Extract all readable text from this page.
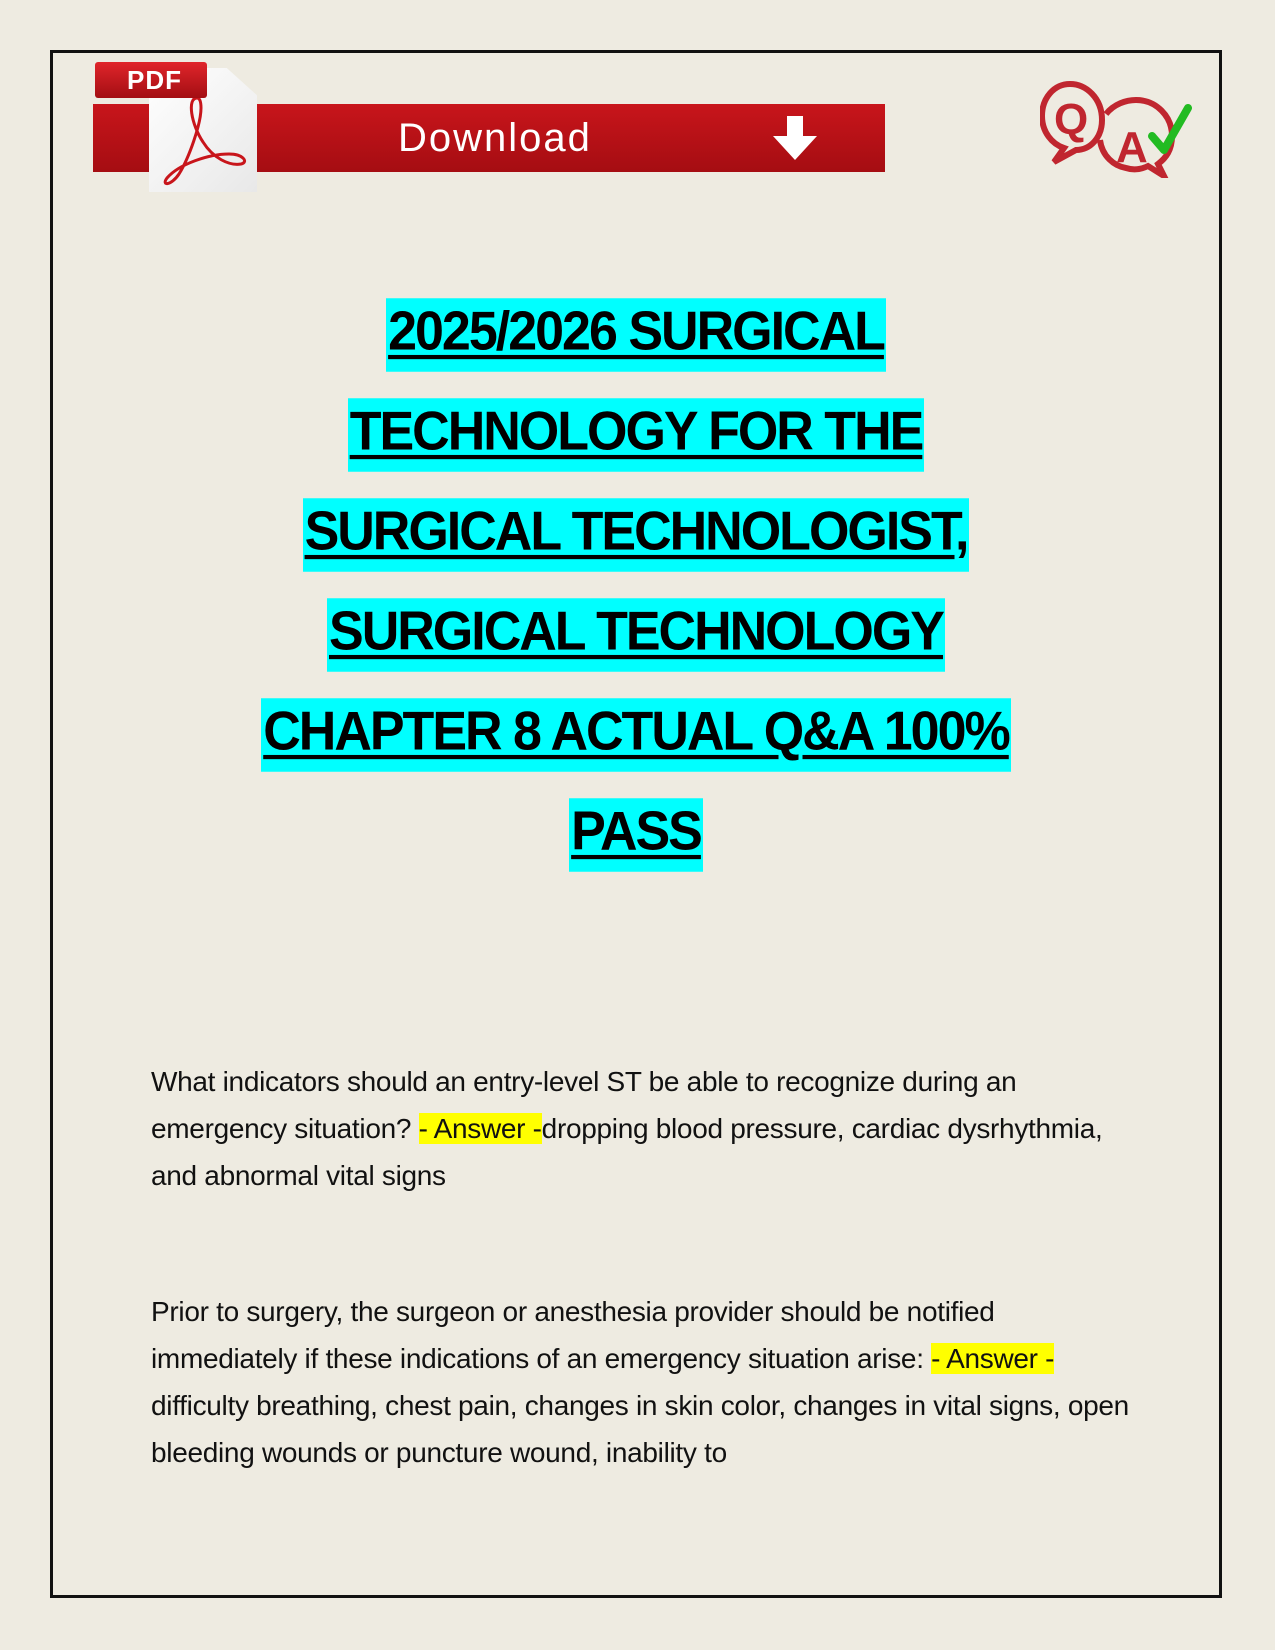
PDF
Download	Q
A
2025/2026 SURGICAL
TECHNOLOGY FOR THE
SURGICAL TECHNOLOGIST,
SURGICAL TECHNOLOGY
CHAPTER 8 ACTUAL Q&A 100%
PASS
What indicators should an entry-level ST be able to recognize during an emergency situation? - Answer -dropping blood pressure, cardiac dysrhythmia, and abnormal vital signs
Prior to surgery, the surgeon or anesthesia provider should be notified immediately if these indications of an emergency situation arise: - Answer -difficulty breathing, chest pain, changes in skin color, changes in vital signs, open bleeding wounds or puncture wound, inability to
